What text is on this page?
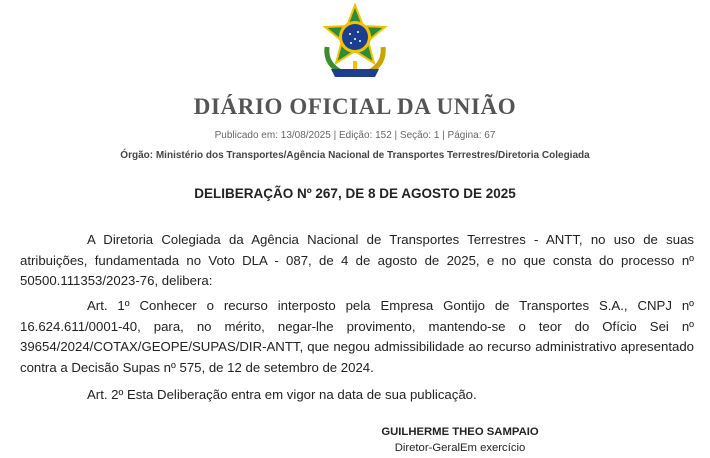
DIÁRIO OFICIAL DA UNIÃO
Publicado em: 13/08/2025 | Edição: 152 | Seção: 1 | Página: 67
Órgão: Ministério dos Transportes/Agência Nacional de Transportes Terrestres/Diretoria Colegiada
DELIBERAÇÃO Nº 267, DE 8 DE AGOSTO DE 2025
A Diretoria Colegiada da Agência Nacional de Transportes Terrestres - ANTT, no uso de suas atribuições, fundamentada no Voto DLA - 087, de 4 de agosto de 2025, e no que consta do processo nº 50500.111353/2023-76, delibera:
Art. 1º Conhecer o recurso interposto pela Empresa Gontijo de Transportes S.A., CNPJ nº 16.624.611/0001-40, para, no mérito, negar-lhe provimento, mantendo-se o teor do Ofício Sei nº 39654/2024/COTAX/GEOPE/SUPAS/DIR-ANTT, que negou admissibilidade ao recurso administrativo apresentado contra a Decisão Supas nº 575, de 12 de setembro de 2024.
Art. 2º Esta Deliberação entra em vigor na data de sua publicação.
GUILHERME THEO SAMPAIO
Diretor-GeralEm exercício
